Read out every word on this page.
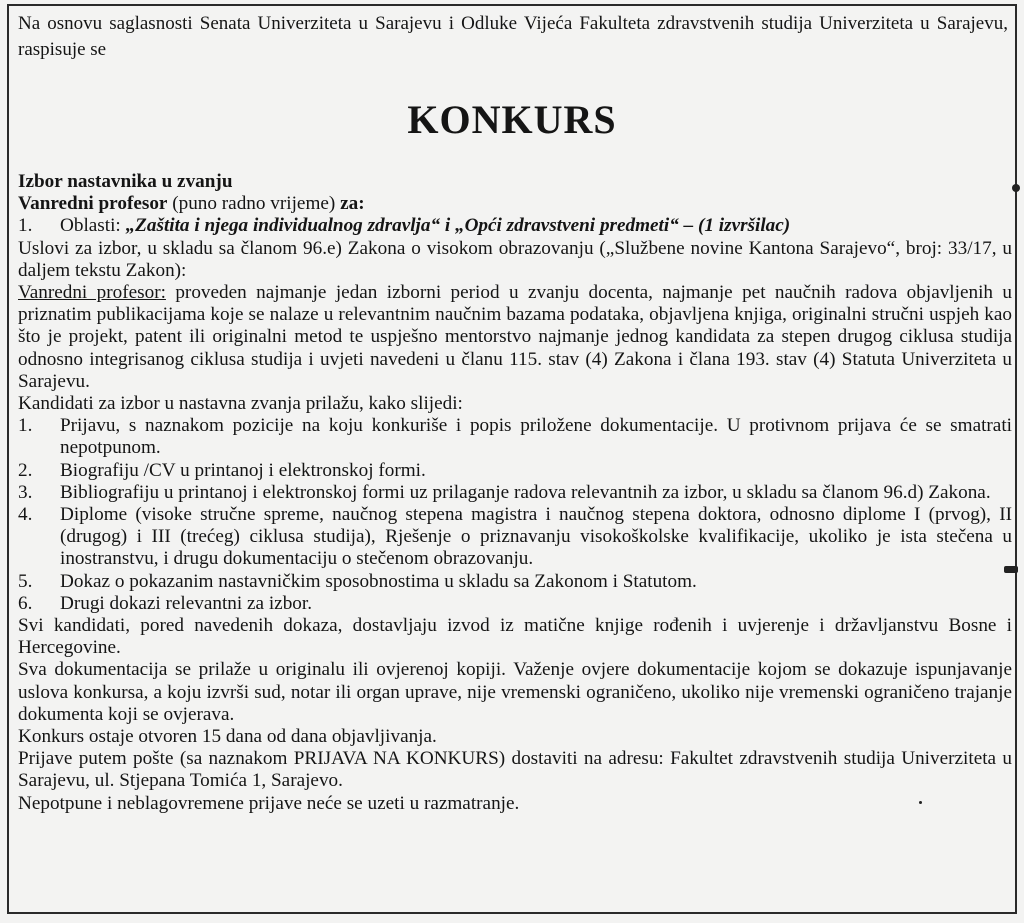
Na osnovu saglasnosti Senata Univerziteta u Sarajevu i Odluke Vijeća Fakulteta zdravstvenih studija Univerziteta u Sarajevu, raspisuje se
KONKURS

Izbor nastavnika u zvanju

Vanredni profesor (puno radno vrijeme) za:

1.	Oblasti: „Zaštita i njega individualnog zdravlja“ i „Opći zdravstveni predmeti“ – (1 izvršilac)

Uslovi za izbor, u skladu sa članom 96.e) Zakona o visokom obrazovanju („Službene novine Kantona Sarajevo“, broj: 33/17, u daljem tekstu Zakon):

Vanredni profesor: proveden najmanje jedan izborni period u zvanju docenta, najmanje pet naučnih radova objavljenih u priznatim publikacijama koje se nalaze u relevantnim naučnim bazama podataka, objavljena knjiga, originalni stručni uspjeh kao što je projekt, patent ili originalni metod te uspješno mentorstvo najmanje jednog kandidata za stepen drugog ciklusa studija odnosno integrisanog ciklusa studija i uvjeti navedeni u članu 115. stav (4) Zakona i člana 193. stav (4) Statuta Univerziteta u Sarajevu.

Kandidati za izbor u nastavna zvanja prilažu, kako slijedi:

1.	Prijavu, s naznakom pozicije na koju konkuriše i popis priložene dokumentacije. U protivnom prijava će se smatrati nepotpunom.
2.	Biografiju /CV u printanoj i elektronskoj formi.
3.	Bibliografiju u printanoj i elektronskoj formi uz prilaganje radova relevantnih za izbor, u skladu sa članom 96.d) Zakona.
4.	Diplome (visoke stručne spreme, naučnog stepena magistra i naučnog stepena doktora, odnosno diplome I (prvog), II (drugog) i III (trećeg) ciklusa studija), Rješenje o priznavanju visokoškolske kvalifikacije, ukoliko je ista stečena u inostranstvu, i drugu dokumentaciju o stečenom obrazovanju.
5.	Dokaz o pokazanim nastavničkim sposobnostima u skladu sa Zakonom i Statutom.
6.	Drugi dokazi relevantni za izbor.

Svi kandidati, pored navedenih dokaza, dostavljaju izvod iz matične knjige rođenih i uvjerenje i državljanstvu Bosne i Hercegovine.

Sva dokumentacija se prilaže u originalu ili ovjerenoj kopiji. Važenje ovjere dokumentacije kojom se dokazuje ispunjavanje uslova konkursa, a koju izvrši sud, notar ili organ uprave, nije vremenski ograničeno, ukoliko nije vremenski ograničeno trajanje dokumenta koji se ovjerava.

Konkurs ostaje otvoren 15 dana od dana objavljivanja.

Prijave putem pošte (sa naznakom PRIJAVA NA KONKURS) dostaviti na adresu: Fakultet zdravstvenih studija Univerziteta u Sarajevu, ul. Stjepana Tomića 1, Sarajevo.

Nepotpune i neblagovremene prijave neće se uzeti u razmatranje.
